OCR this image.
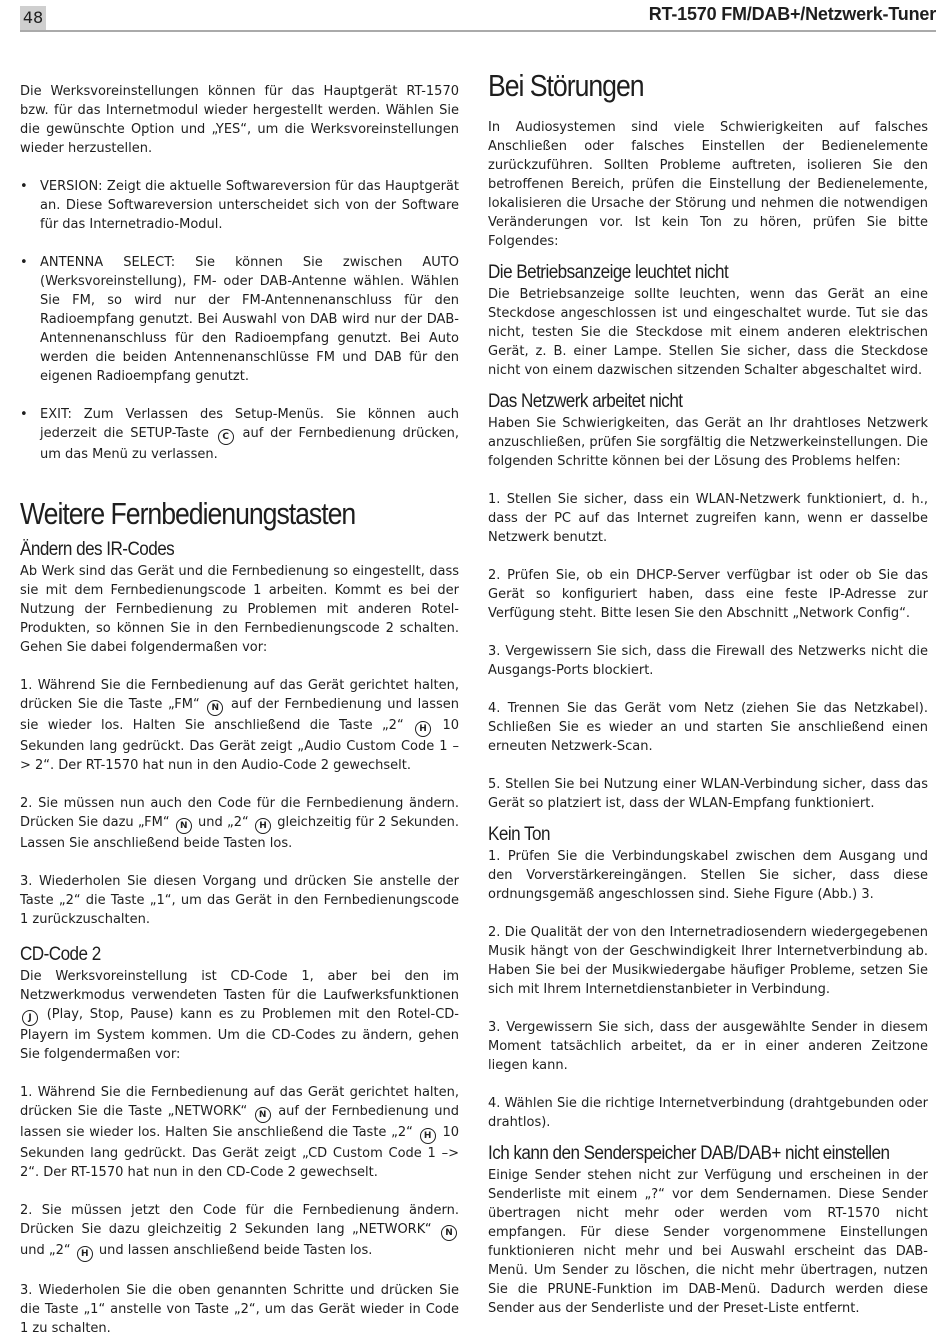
48	RT-1570 FM/DAB+/Netzwerk-Tuner

Die Werksvoreinstellungen können für das Hauptgerät RT-1570 bzw. für das Internetmodul wieder hergestellt werden. Wählen Sie die gewünschte Option und „YES“, um die Werksvoreinstellungen wieder herzustellen.

• VERSION: Zeigt die aktuelle Softwareversion für das Hauptgerät an. Diese Softwareversion unterscheidet sich von der Software für das Internetradio-Modul.

• ANTENNA SELECT: Sie können Sie zwischen AUTO (Werksvoreinstellung), FM- oder DAB-Antenne wählen. Wählen Sie FM, so wird nur der FM-Antennenanschluss für den Radioempfang genutzt. Bei Auswahl von DAB wird nur der DAB-Antennenanschluss für den Radioempfang genutzt. Bei Auto werden die beiden Antennenanschlüsse FM und DAB für den eigenen Radioempfang genutzt.

• EXIT: Zum Verlassen des Setup-Menüs. Sie können auch jederzeit die SETUP-Taste C auf der Fernbedienung drücken, um das Menü zu verlassen.

Weitere Fernbedienungstasten
Ändern des IR-Codes

Ab Werk sind das Gerät und die Fernbedienung so eingestellt, dass sie mit dem Fernbedienungscode 1 arbeiten. Kommt es bei der Nutzung der Fernbedienung zu Problemen mit anderen Rotel-Produkten, so können Sie in den Fernbedienungscode 2 schalten. Gehen Sie dabei folgendermaßen vor:

1. Während Sie die Fernbedienung auf das Gerät gerichtet halten, drücken Sie die Taste „FM“ N auf der Fernbedienung und lassen sie wieder los. Halten Sie anschließend die Taste „2“ H 10 Sekunden lang gedrückt. Das Gerät zeigt „Audio Custom Code 1 –> 2“. Der RT-1570 hat nun in den Audio-Code 2 gewechselt.

2. Sie müssen nun auch den Code für die Fernbedienung ändern. Drücken Sie dazu „FM“ N und „2“ H gleichzeitig für 2 Sekunden. Lassen Sie anschließend beide Tasten los.

3. Wiederholen Sie diesen Vorgang und drücken Sie anstelle der Taste „2“ die Taste „1“, um das Gerät in den Fernbedienungscode 1 zurückzuschalten.

CD-Code 2

Die Werksvoreinstellung ist CD-Code 1, aber bei den im Netzwerkmodus verwendeten Tasten für die Laufwerksfunktionen J (Play, Stop, Pause) kann es zu Problemen mit den Rotel-CD-Playern im System kommen. Um die CD-Codes zu ändern, gehen Sie folgendermaßen vor:

1. Während Sie die Fernbedienung auf das Gerät gerichtet halten, drücken Sie die Taste „NETWORK“ N auf der Fernbedienung und lassen sie wieder los. Halten Sie anschließend die Taste „2“ H 10 Sekunden lang gedrückt. Das Gerät zeigt „CD Custom Code 1 –> 2“. Der RT-1570 hat nun in den CD-Code 2 gewechselt.

2. Sie müssen jetzt den Code für die Fernbedienung ändern. Drücken Sie dazu gleichzeitig 2 Sekunden lang „NETWORK“ N und „2“ H und lassen anschließend beide Tasten los.

3. Wiederholen Sie die oben genannten Schritte und drücken Sie die Taste „1“ anstelle von Taste „2“, um das Gerät wieder in Code 1 zu schalten.

Bei Störungen

In Audiosystemen sind viele Schwierigkeiten auf falsches Anschließen oder falsches Einstellen der Bedienelemente zurückzuführen. Sollten Probleme auftreten, isolieren Sie den betroffenen Bereich, prüfen die Einstellung der Bedienelemente, lokalisieren die Ursache der Störung und nehmen die notwendigen Veränderungen vor. Ist kein Ton zu hören, prüfen Sie bitte Folgendes:

Die Betriebsanzeige leuchtet nicht

Die Betriebsanzeige sollte leuchten, wenn das Gerät an eine Steckdose angeschlossen ist und eingeschaltet wurde. Tut sie das nicht, testen Sie die Steckdose mit einem anderen elektrischen Gerät, z. B. einer Lampe. Stellen Sie sicher, dass die Steckdose nicht von einem dazwischen sitzenden Schalter abgeschaltet wird.

Das Netzwerk arbeitet nicht

Haben Sie Schwierigkeiten, das Gerät an Ihr drahtloses Netzwerk anzuschließen, prüfen Sie sorgfältig die Netzwerkeinstellungen. Die folgenden Schritte können bei der Lösung des Problems helfen:

1. Stellen Sie sicher, dass ein WLAN-Netzwerk funktioniert, d. h., dass der PC auf das Internet zugreifen kann, wenn er dasselbe Netzwerk benutzt.

2. Prüfen Sie, ob ein DHCP-Server verfügbar ist oder ob Sie das Gerät so konfiguriert haben, dass eine feste IP-Adresse zur Verfügung steht. Bitte lesen Sie den Abschnitt „Network Config“.

3. Vergewissern Sie sich, dass die Firewall des Netzwerks nicht die Ausgangs-Ports blockiert.

4. Trennen Sie das Gerät vom Netz (ziehen Sie das Netzkabel). Schließen Sie es wieder an und starten Sie anschließend einen erneuten Netzwerk-Scan.

5. Stellen Sie bei Nutzung einer WLAN-Verbindung sicher, dass das Gerät so platziert ist, dass der WLAN-Empfang funktioniert.

Kein Ton

1. Prüfen Sie die Verbindungskabel zwischen dem Ausgang und den Vorverstärkereingängen. Stellen Sie sicher, dass diese ordnungsgemäß angeschlossen sind. Siehe Figure (Abb.) 3.

2. Die Qualität der von den Internetradiosendern wiedergegebenen Musik hängt von der Geschwindigkeit Ihrer Internetverbindung ab. Haben Sie bei der Musikwiedergabe häufiger Probleme, setzen Sie sich mit Ihrem Internetdienstanbieter in Verbindung.

3. Vergewissern Sie sich, dass der ausgewählte Sender in diesem Moment tatsächlich arbeitet, da er in einer anderen Zeitzone liegen kann.

4. Wählen Sie die richtige Internetverbindung (drahtgebunden oder drahtlos).

Ich kann den Senderspeicher DAB/DAB+ nicht einstellen

Einige Sender stehen nicht zur Verfügung und erscheinen in der Senderliste mit einem „?“ vor dem Sendernamen. Diese Sender übertragen nicht mehr oder werden vom RT-1570 nicht empfangen. Für diese Sender vorgenommene Einstellungen funktionieren nicht mehr und bei Auswahl erscheint das DAB-Menü. Um Sender zu löschen, die nicht mehr übertragen, nutzen Sie die PRUNE-Funktion im DAB-Menü. Dadurch werden diese Sender aus der Senderliste und der Preset-Liste entfernt.
